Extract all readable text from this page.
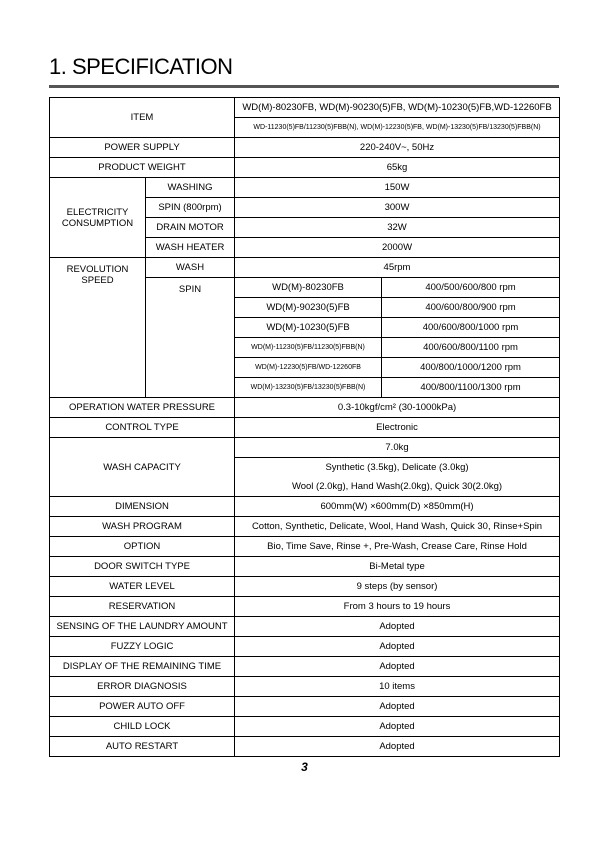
1. SPECIFICATION
ITEM		WD(M)-80230FB, WD(M)-90230(5)FB, WD(M)-10230(5)FB,WD-12260FB	
		WD-11230(5)FB/11230(5)FBB(N), WD(M)-12230(5)FB, WD(M)-13230(5)FB/13230(5)FBB(N)	
POWER SUPPLY		220-240V~, 50Hz	
PRODUCT WEIGHT		65kg	

ELECTRICITY
CONSUMPTION	WASHING	150W	
	SPIN (800rpm)	300W	
	DRAIN MOTOR	32W	
	WASH HEATER	2000W	

REVOLUTION
SPEED	WASH	45rpm	
	SPIN	WD(M)-80230FB	400/500/600/800 rpm
		WD(M)-90230(5)FB	400/600/800/900 rpm
		WD(M)-10230(5)FB	400/600/800/1000 rpm
		WD(M)-11230(5)FB/11230(5)FBB(N)	400/600/800/1100 rpm
		WD(M)-12230(5)FB/WD-12260FB	400/800/1000/1200 rpm
		WD(M)-13230(5)FB/13230(5)FBB(N)	400/800/1100/1300 rpm
OPERATION WATER PRESSURE		0.3-10kgf/cm² (30-1000kPa)	
CONTROL TYPE		Electronic	
WASH CAPACITY		7.0kg	
		Synthetic (3.5kg), Delicate (3.0kg)	
		Wool (2.0kg), Hand Wash(2.0kg), Quick 30(2.0kg)	
DIMENSION		600mm(W) ×600mm(D) ×850mm(H)	
WASH PROGRAM		Cotton, Synthetic, Delicate, Wool, Hand Wash, Quick 30, Rinse+Spin	
OPTION		Bio, Time Save, Rinse +, Pre-Wash, Crease Care, Rinse Hold	
DOOR SWITCH TYPE		Bi-Metal type	
WATER LEVEL		9 steps (by sensor)	
RESERVATION		From 3 hours to 19 hours	
SENSING OF THE LAUNDRY AMOUNT		Adopted	
FUZZY LOGIC		Adopted	
DISPLAY OF THE REMAINING TIME		Adopted	
ERROR DIAGNOSIS		10 items	
POWER AUTO OFF		Adopted	
CHILD LOCK		Adopted	
AUTO RESTART		Adopted	
3
